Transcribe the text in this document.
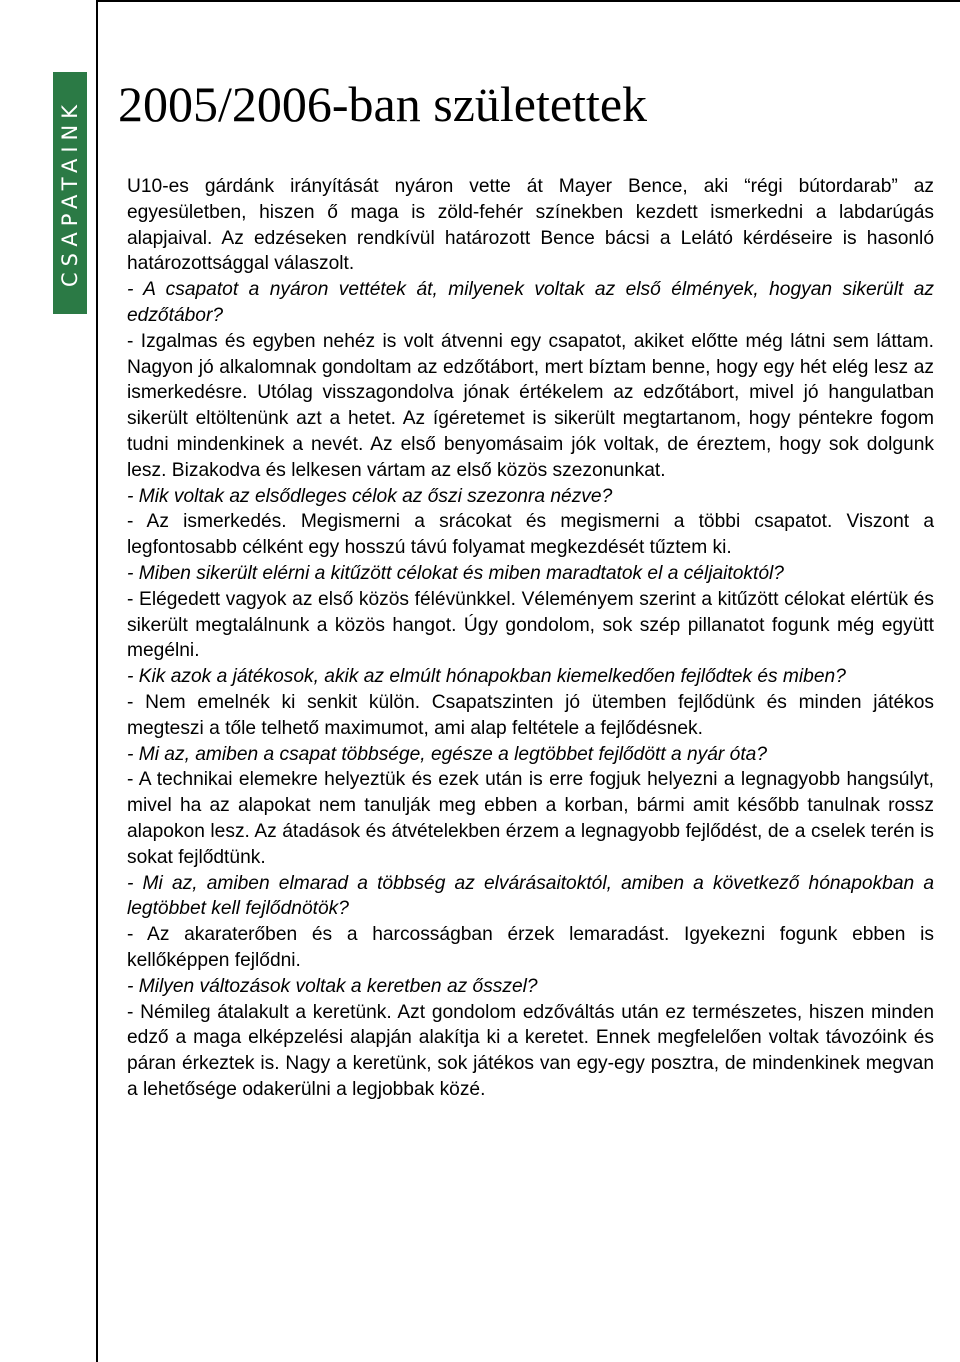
CSAPATAINK 2005/2006-ban születettek

U10-es gárdánk irányítását nyáron vette át Mayer Bence, aki “régi bútordarab” az egyesületben, hiszen ő maga is zöld-fehér színekben kezdett ismerkedni a labdarúgás alapjaival. Az edzéseken rendkívül határozott Bence bácsi a Lelátó kérdéseire is hasonló határozottsággal válaszolt.

- A csapatot a nyáron vettétek át, milyenek voltak az első élmények, hogyan sikerült az edzőtábor?

- Izgalmas és egyben nehéz is volt átvenni egy csapatot, akiket előtte még látni sem láttam. Nagyon jó alkalomnak gondoltam az edzőtábort, mert bíztam benne, hogy egy hét elég lesz az ismerkedésre. Utólag visszagondolva jónak értékelem az edzőtábort, mivel jó hangulatban sikerült eltöltenünk azt a hetet. Az ígéretemet is sikerült megtartanom, hogy péntekre fogom tudni mindenkinek a nevét. Az első benyomásaim jók voltak, de éreztem, hogy sok dolgunk lesz. Bizakodva és lelkesen vártam az első közös szezonunkat.

- Mik voltak az elsődleges célok az őszi szezonra nézve?

- Az ismerkedés. Megismerni a srácokat és megismerni a többi csapatot. Viszont a legfontosabb célként egy hosszú távú folyamat megkezdését tűztem ki.

- Miben sikerült elérni a kitűzött célokat és miben maradtatok el a céljaitoktól?

- Elégedett vagyok az első közös félévünkkel. Véleményem szerint a kitűzött célokat elértük és sikerült megtalálnunk a közös hangot. Úgy gondolom, sok szép pillanatot fogunk még együtt megélni.

- Kik azok a játékosok, akik az elmúlt hónapokban kiemelkedően fejlődtek és miben?

- Nem emelnék ki senkit külön. Csapatszinten jó ütemben fejlődünk és minden játékos megteszi a tőle telhető maximumot, ami alap feltétele a fejlődésnek.

- Mi az, amiben a csapat többsége, egésze a legtöbbet fejlődött a nyár óta?

- A technikai elemekre helyeztük és ezek után is erre fogjuk helyezni a legnagyobb hangsúlyt, mivel ha az alapokat nem tanulják meg ebben a korban, bármi amit később tanulnak rossz alapokon lesz. Az átadások és átvételekben érzem a legnagyobb fejlődést, de a cselek terén is sokat fejlődtünk.

- Mi az, amiben elmarad a többség az elvárásaitoktól, amiben a következő hónapokban a legtöbbet kell fejlődnötök?

- Az akaraterőben és a harcosságban érzek lemaradást. Igyekezni fogunk ebben is kellőképpen fejlődni.

- Milyen változások voltak a keretben az ősszel?

- Némileg átalakult a keretünk. Azt gondolom edzőváltás után ez természetes, hiszen minden edző a maga elképzelési alapján alakítja ki a keretet. Ennek megfelelően voltak távozóink és páran érkeztek is. Nagy a keretünk, sok játékos van egy-egy posztra, de mindenkinek megvan a lehetősége odakerülni a legjobbak közé.
